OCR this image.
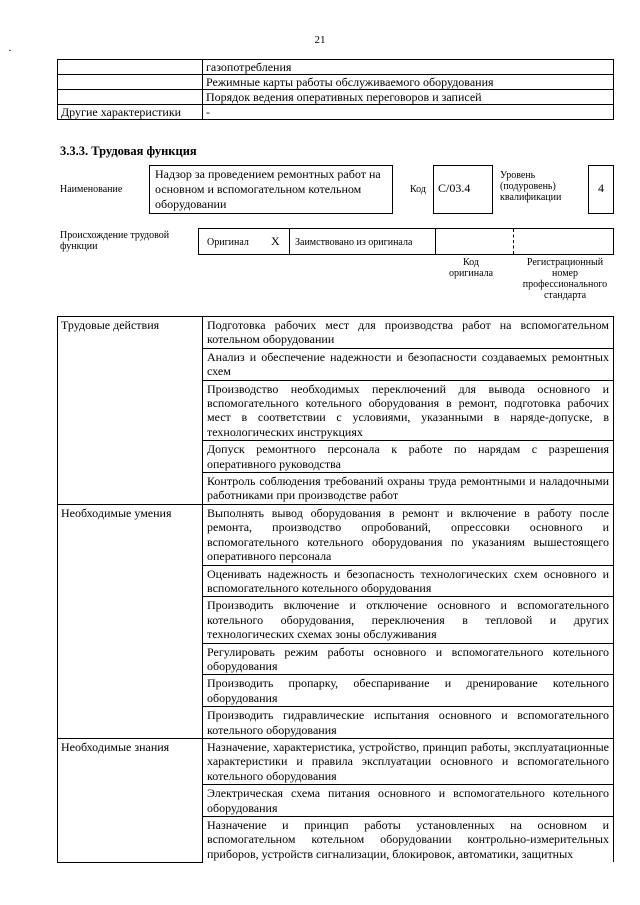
21
·
	газопотребления
	Режимные карты работы обслуживаемого оборудования
	Порядок ведения оперативных переговоров и записей
Другие характеристики	-
3.3.3. Трудовая функция
Наименование
Надзор за проведением ремонтных работ на основном и вспомогательном котельном оборудовании
Код	С/03.4
Уровень (подуровень) квалификации
4
Происхождение трудовой функции	Оригинал X Заимствовано из оригинала
Код оригинала
Регистрационный номер профессионального стандарта
Трудовые действия	Подготовка рабочих мест для производства работ на вспомогательном котельном оборудовании

	Анализ и обеспечение надежности и безопасности создаваемых ремонтных схем

	Производство необходимых переключений для вывода основного и вспомогательного котельного оборудования в ремонт, подготовка рабочих мест в соответствии с условиями, указанными в наряде-допуске, в технологических инструкциях

	Допуск ремонтного персонала к работе по нарядам с разрешения оперативного руководства

	Контроль соблюдения требований охраны труда ремонтными и наладочными работниками при производстве работ

Необходимые умения	Выполнять вывод оборудования в ремонт и включение в работу после ремонта, производство опробований, опрессовки основного и вспомогательного котельного оборудования по указаниям вышестоящего оперативного персонала

	Оценивать надежность и безопасность технологических схем основного и вспомогательного котельного оборудования

	Производить включение и отключение основного и вспомогательного котельного оборудования, переключения в тепловой и других технологических схемах зоны обслуживания

	Регулировать режим работы основного и вспомогательного котельного оборудования

	Производить пропарку, обеспаривание и дренирование котельного оборудования

	Производить гидравлические испытания основного и вспомогательного котельного оборудования

Необходимые знания	Назначение, характеристика, устройство, принцип работы, эксплуатационные характеристики и правила эксплуатации основного и вспомогательного котельного оборудования

	Электрическая схема питания основного и вспомогательного котельного оборудования

	Назначение и принцип работы установленных на основном и вспомогательном котельном оборудовании контрольно-измерительных приборов, устройств сигнализации, блокировок, автоматики, защитных
